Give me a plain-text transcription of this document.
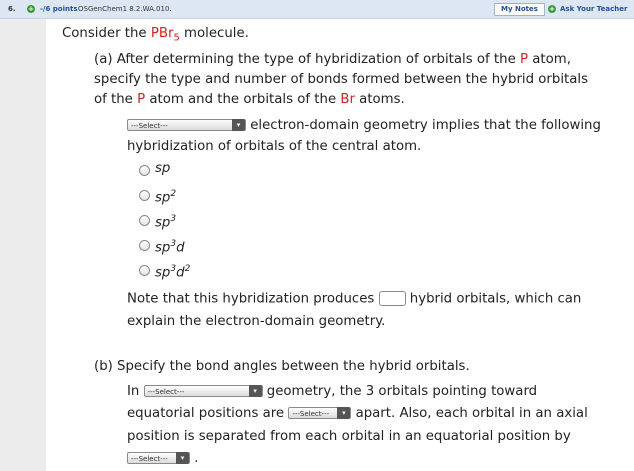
6. + -/6 points OSGenChem1 8.2.WA.010.	My Notes	+ Ask Your Teacher
Consider the PBr$_5$ molecule.
(a) After determining the type of hybridization of orbitals of the P atom,
specify the type and number of bonds formed between the hybrid orbitals
of the P atom and the orbitals of the Br atoms.
---Select---	▾ electron-domain geometry implies that the following
hybridization of orbitals of the central atom.
sp
$sp^2$
$sp^3$
$sp^3d$
$sp^3d^2$
Note that this hybridization produces  hybrid orbitals, which can
explain the electron-domain geometry.
(b) Specify the bond angles between the hybrid orbitals.
In ---Select---	▾ geometry, the 3 orbitals pointing toward
equatorial positions are ---Select---	▾ apart. Also, each orbital in an axial
position is separated from each orbital in an equatorial position by
---Select---	▾ .
